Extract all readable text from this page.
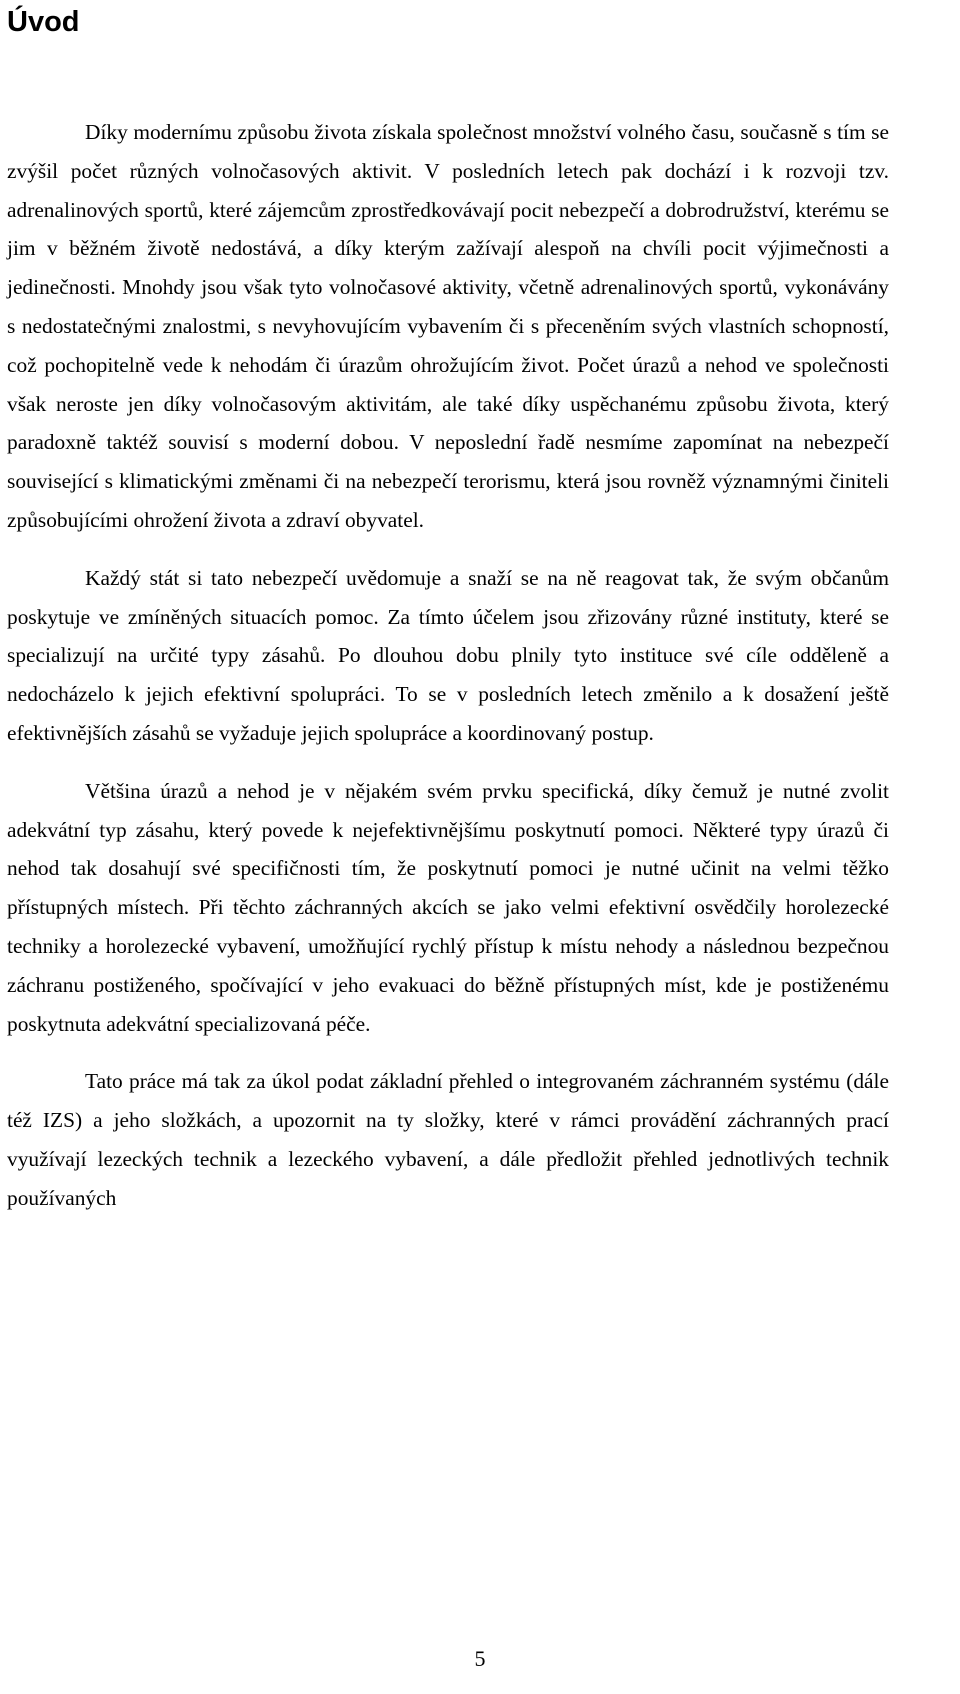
Úvod

Díky modernímu způsobu života získala společnost množství volného času, současně s tím se zvýšil počet různých volnočasových aktivit. V posledních letech pak dochází i k rozvoji tzv. adrenalinových sportů, které zájemcům zprostředkovávají pocit nebezpečí a dobrodružství, kterému se jim v běžném životě nedostává, a díky kterým zažívají alespoň na chvíli pocit výjimečnosti a jedinečnosti. Mnohdy jsou však tyto volnočasové aktivity, včetně adrenalinových sportů, vykonávány s nedostatečnými znalostmi, s nevyhovujícím vybavením či s přeceněním svých vlastních schopností, což pochopitelně vede k nehodám či úrazům ohrožujícím život. Počet úrazů a nehod ve společnosti však neroste jen díky volnočasovým aktivitám, ale také díky uspěchanému způsobu života, který paradoxně taktéž souvisí s moderní dobou. V neposlední řadě nesmíme zapomínat na nebezpečí související s klimatickými změnami či na nebezpečí terorismu, která jsou rovněž významnými činiteli způsobujícími ohrožení života a zdraví obyvatel.

Každý stát si tato nebezpečí uvědomuje a snaží se na ně reagovat tak, že svým občanům poskytuje ve zmíněných situacích pomoc. Za tímto účelem jsou zřizovány různé instituty, které se specializují na určité typy zásahů. Po dlouhou dobu plnily tyto instituce své cíle odděleně a nedocházelo k jejich efektivní spolupráci. To se v posledních letech změnilo a k dosažení ještě efektivnějších zásahů se vyžaduje jejich spolupráce a koordinovaný postup.

Většina úrazů a nehod je v nějakém svém prvku specifická, díky čemuž je nutné zvolit adekvátní typ zásahu, který povede k nejefektivnějšímu poskytnutí pomoci. Některé typy úrazů či nehod tak dosahují své specifičnosti tím, že poskytnutí pomoci je nutné učinit na velmi těžko přístupných místech. Při těchto záchranných akcích se jako velmi efektivní osvědčily horolezecké techniky a horolezecké vybavení, umožňující rychlý přístup k místu nehody a následnou bezpečnou záchranu postiženého, spočívající v jeho evakuaci do běžně přístupných míst, kde je postiženému poskytnuta adekvátní specializovaná péče.

Tato práce má tak za úkol podat základní přehled o integrovaném záchranném systému (dále též IZS) a jeho složkách, a upozornit na ty složky, které v rámci provádění záchranných prací využívají lezeckých technik a lezeckého vybavení, a dále předložit přehled jednotlivých technik používaných

5
